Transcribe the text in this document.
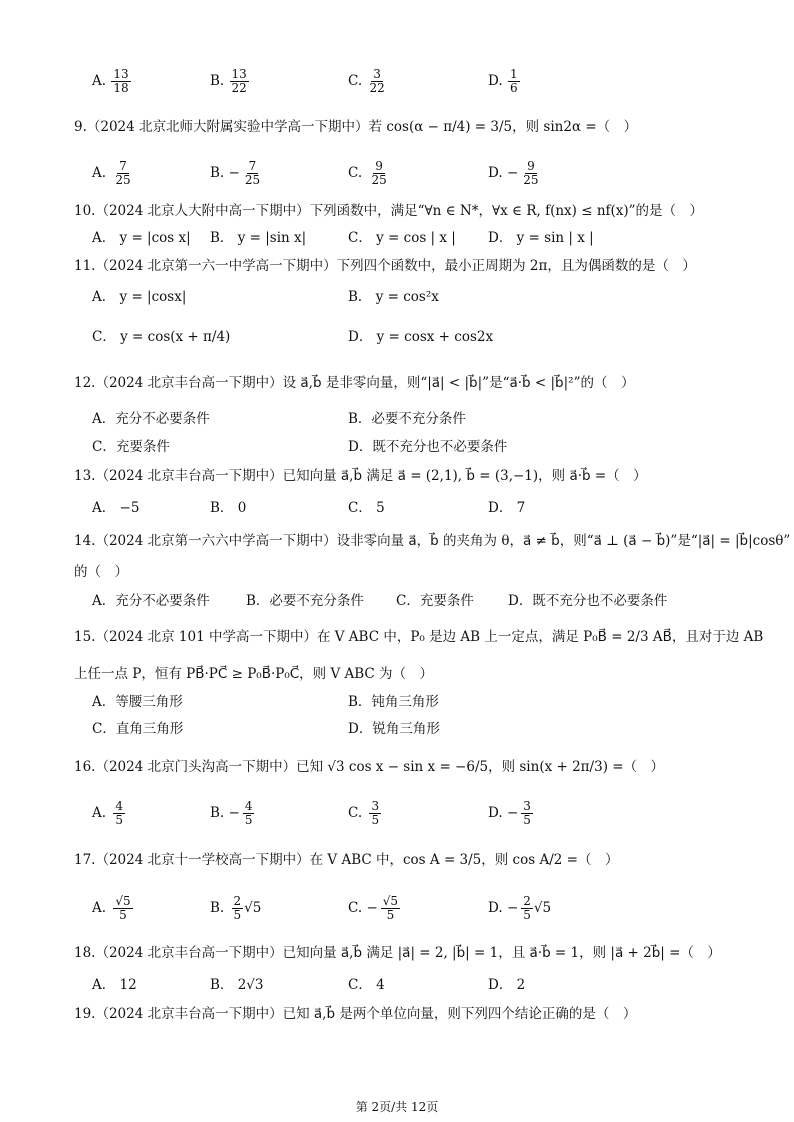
A. $\frac{13}{18}$	B. $\frac{13}{22}$	C. $\frac{3}{22}$	D. $\frac{1}{6}$
9.（2024 北京北师大附属实验中学高一下期中）若 cos(α − π/4) = 3/5，则 sin2α =（　）
A. $\frac{7}{25}$	B. − $\frac{7}{25}$	C. $\frac{9}{25}$	D. − $\frac{9}{25}$
10.（2024 北京人大附中高一下期中）下列函数中，满足“∀n ∈ N*，∀x ∈ R, f(nx) ≤ nf(x)”的是（　）
A． y = |cos x| B． y = |sin x|	C． y = cos | x | D． y = sin | x |
11.（2024 北京第一六一中学高一下期中）下列四个函数中，最小正周期为 2π，且为偶函数的是（　）
A． y = |cosx|	B． y = cos²x
C． y = cos(x + π/4)	D． y = cosx + cos2x
12.（2024 北京丰台高一下期中）设 a⃗,b⃗ 是非零向量，则“|a⃗| < |b⃗|”是“a⃗·b⃗ < |b⃗|²”的（　）
A．充分不必要条件	B．必要不充分条件
C．充要条件	D．既不充分也不必要条件
13.（2024 北京丰台高一下期中）已知向量 a⃗,b⃗ 满足 a⃗ = (2,1), b⃗ = (3,−1)，则 a⃗·b⃗ =（　）
A． −5	B． 0	C． 5	D． 7
14.（2024 北京第一六六中学高一下期中）设非零向量 a⃗，b⃗ 的夹角为 θ，a⃗ ≠ b⃗，则“a⃗ ⊥ (a⃗ − b⃗)”是“|a⃗| = |b⃗|cosθ”
的（　）
A．充分不必要条件	B．必要不充分条件 C．充要条件	D．既不充分也不必要条件
15.（2024 北京 101 中学高一下期中）在 V ABC 中，P₀ 是边 AB 上一定点，满足 P₀B⃗ = 2/3 AB⃗，且对于边 AB
上任一点 P，恒有 PB⃗·PC⃗ ≥ P₀B⃗·P₀C⃗，则 V ABC 为（　）
A．等腰三角形	B．钝角三角形
C．直角三角形	D．锐角三角形
16.（2024 北京门头沟高一下期中）已知 √3 cos x − sin x = −6/5，则 sin(x + 2π/3) =（　）
A. $\frac{4}{5}$	B. − $\frac{4}{5}$	C. $\frac{3}{5}$	D. − $\frac{3}{5}$
17.（2024 北京十一学校高一下期中）在 V ABC 中，cos A = 3/5，则 cos A/2 =（　）
A. $\frac{√5}{5}$	B. $\frac{2}{5} √5$	C. − $\frac{√5}{5}$	D. − $\frac{2}{5} √5$
18.（2024 北京丰台高一下期中）已知向量 a⃗,b⃗ 满足 |a⃗| = 2, |b⃗| = 1，且 a⃗·b⃗ = 1，则 |a⃗ + 2b⃗| =（　）
A． 12	B． 2√3	C． 4	D． 2
19.（2024 北京丰台高一下期中）已知 a⃗,b⃗ 是两个单位向量，则下列四个结论正确的是（　）
第 2页/共 12页
